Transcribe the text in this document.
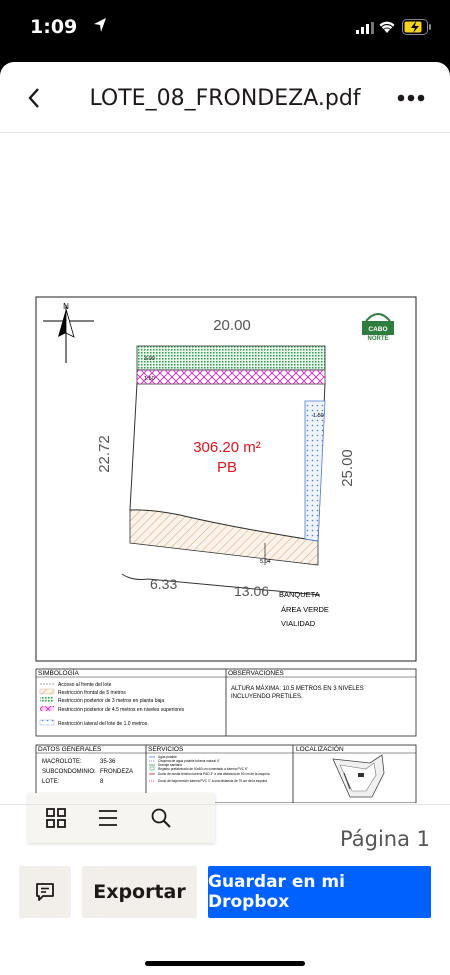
1:09
LOTE_08_FRONDEZA.pdf
N
CABO
NORTE
3.00
1.50
1.50
5.04
20.00
22.72	25.00
306.20 m²
PB
6.33	13.06 BANQUETA
ÁREA VERDE
VIALIDAD
SIMBOLOGÍA	OBSERVACIONES
Acceso al frente del lote
Restricción frontal de 5 metros
Restricción posterior de 3 metros en planta baja
Restricción posterior de 4.5 metros en niveles superiores
Restricción lateral del lote de 1.0 metros.
ALTURA MÁXIMA: 10.5 METROS EN 3 NIVELES
INCLUYENDO PRETILES.
DATOS GENERALES	SERVICIOS	LOCALIZACIÓN
MACROLOTE:	35-36
SUBCONDOMINIO: FRONDEZA
LOTE:	8
Agua potable
Cisquera de agua potable tubería natural 4"
Drenaje sanitario
Registro prefabricado de 40x60 cm conectado a tubería PVC 6"
Ducto de media tensión tubería PAD 3" a una distancia de 50 cm de la esquina
Ducto de baja tensión tubería PVC 1" a una distancia de 75 cm de la esquina
Página 1
Exportar	Guardar en mi Dropbox
